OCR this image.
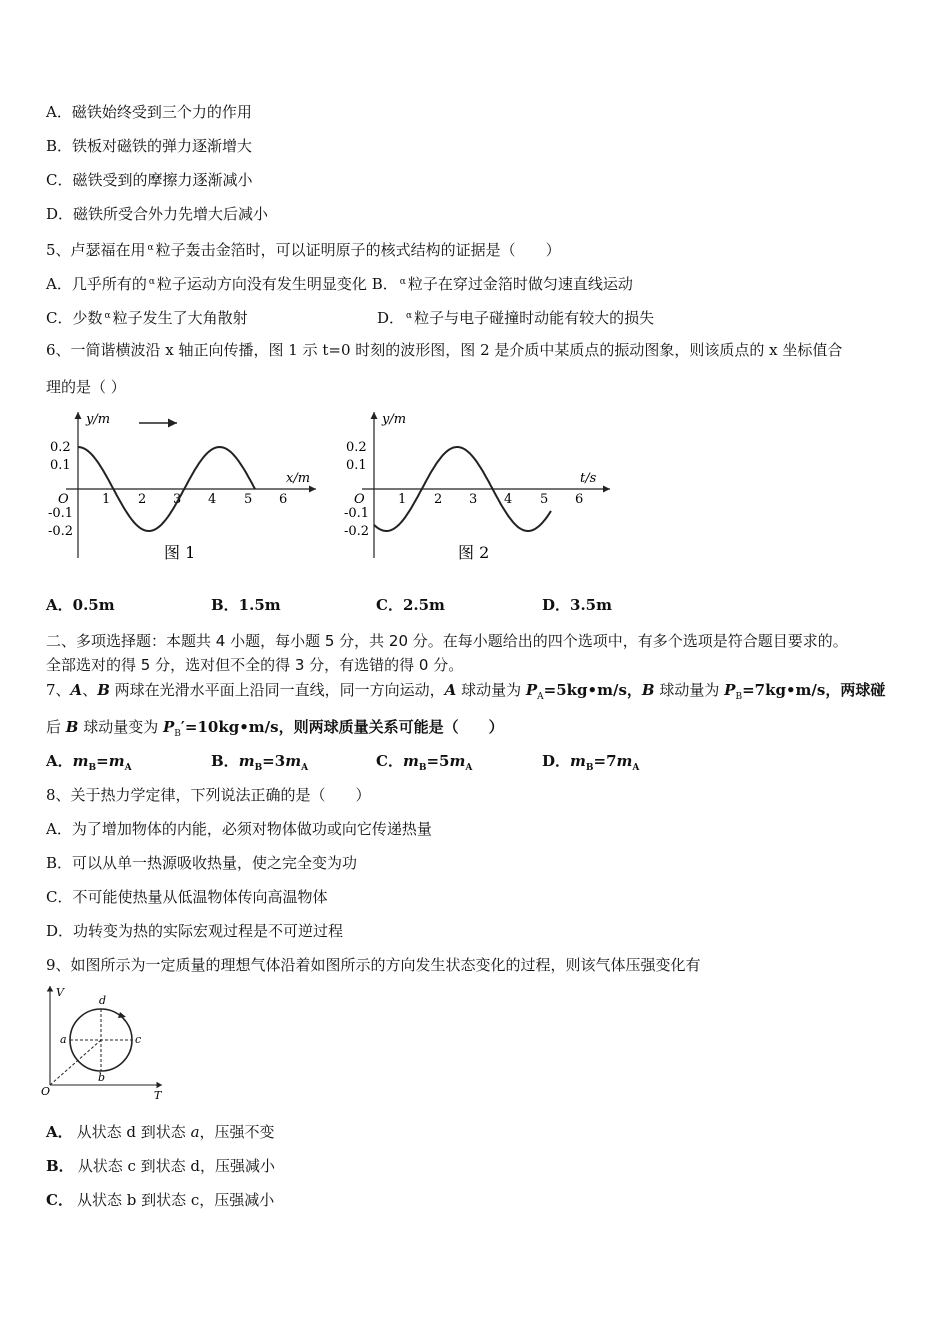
A．磁铁始终受到三个力的作用
B．铁板对磁铁的弹力逐渐增大
C．磁铁受到的摩擦力逐渐减小
D．磁铁所受合外力先增大后减小
5、卢瑟福在用 $^\alpha$ 粒子轰击金箔时，可以证明原子的核式结构的证据是（　　）
A．几乎所有的 $^\alpha$ 粒子运动方向没有发生明显变化 B． $^\alpha$ 粒子在穿过金箔时做匀速直线运动
C．少数 $^\alpha$ 粒子发生了大角散射	D． $^\alpha$ 粒子与电子碰撞时动能有较大的损失
6、一简谐横波沿 x 轴正向传播，图 1 示 t=0 时刻的波形图，图 2 是介质中某质点的振动图象，则该质点的 x 坐标值合
理的是（ ）
y/m
x/m
O
0.2
0.1
-0.1
-0.2
1 2 3 4 5 6
图 1
y/m
t/s
O
0.2
0.1
-0.1
-0.2
1 2 3 4 5 6
图 2
A．0.5m	B．1.5m	C．2.5m	D．3.5m
二、多项选择题：本题共 4 小题，每小题 5 分，共 20 分。在每小题给出的四个选项中，有多个选项是符合题目要求的。
全部选对的得 5 分，选对但不全的得 3 分，有选错的得 0 分。
7、A、B 两球在光滑水平面上沿同一直线，同一方向运动，A 球动量为 $P_A=5kg•m/s$，B 球动量为 $P_B=7kg•m/s$，两球碰
后 B 球动量变为 $P_B'=10kg•m/s$，则两球质量关系可能是（　　）
A．$m_B=m_A$	B．$m_B=3m_A$	C．$m_B=5m_A$	D．$m_B=7m_A$
8、关于热力学定律，下列说法正确的是（　　）
A．为了增加物体的内能，必须对物体做功或向它传递热量
B．可以从单一热源吸收热量，使之完全变为功
C．不可能使热量从低温物体传向高温物体
D．功转变为热的实际宏观过程是不可逆过程
9、如图所示为一定质量的理想气体沿着如图所示的方向发生状态变化的过程，则该气体压强变化有
V
T
O
a
b
c
d
A． 从状态 d 到状态 a，压强不变
B． 从状态 c 到状态 d，压强减小
C． 从状态 b 到状态 c，压强减小
